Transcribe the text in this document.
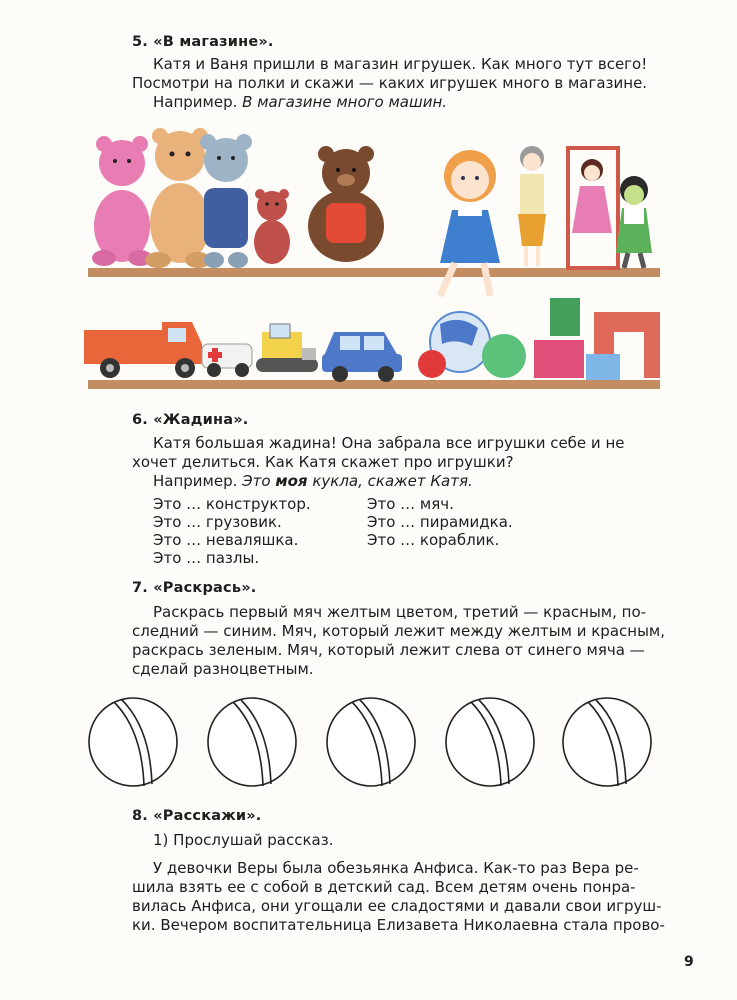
5. «В магазине».
Катя и Ваня пришли в магазин игрушек. Как много тут всего!
Посмотри на полки и скажи — каких игрушек много в магазине.
Например. В магазине много машин.
6. «Жадина».
Катя большая жадина! Она забрала все игрушки себе и не
хочет делиться. Как Катя скажет про игрушки?
Например. Это моя кукла, скажет Катя.
Это … конструктор.
Это … грузовик.
Это … неваляшка.
Это … пазлы.
Это … мяч.
Это … пирамидка.
Это … кораблик.
7. «Раскрась».
Раскрась первый мяч желтым цветом, третий — красным, по-
следний — синим. Мяч, который лежит между желтым и красным,
раскрась зеленым. Мяч, который лежит слева от синего мяча —
сделай разноцветным.
8. «Расскажи».
1) Прослушай рассказ.
У девочки Веры была обезьянка Анфиса. Как-то раз Вера ре-
шила взять ее с собой в детский сад. Всем детям очень понра-
вилась Анфиса, они угощали ее сладостями и давали свои игруш-
ки. Вечером воспитательница Елизавета Николаевна стала прово-
9
